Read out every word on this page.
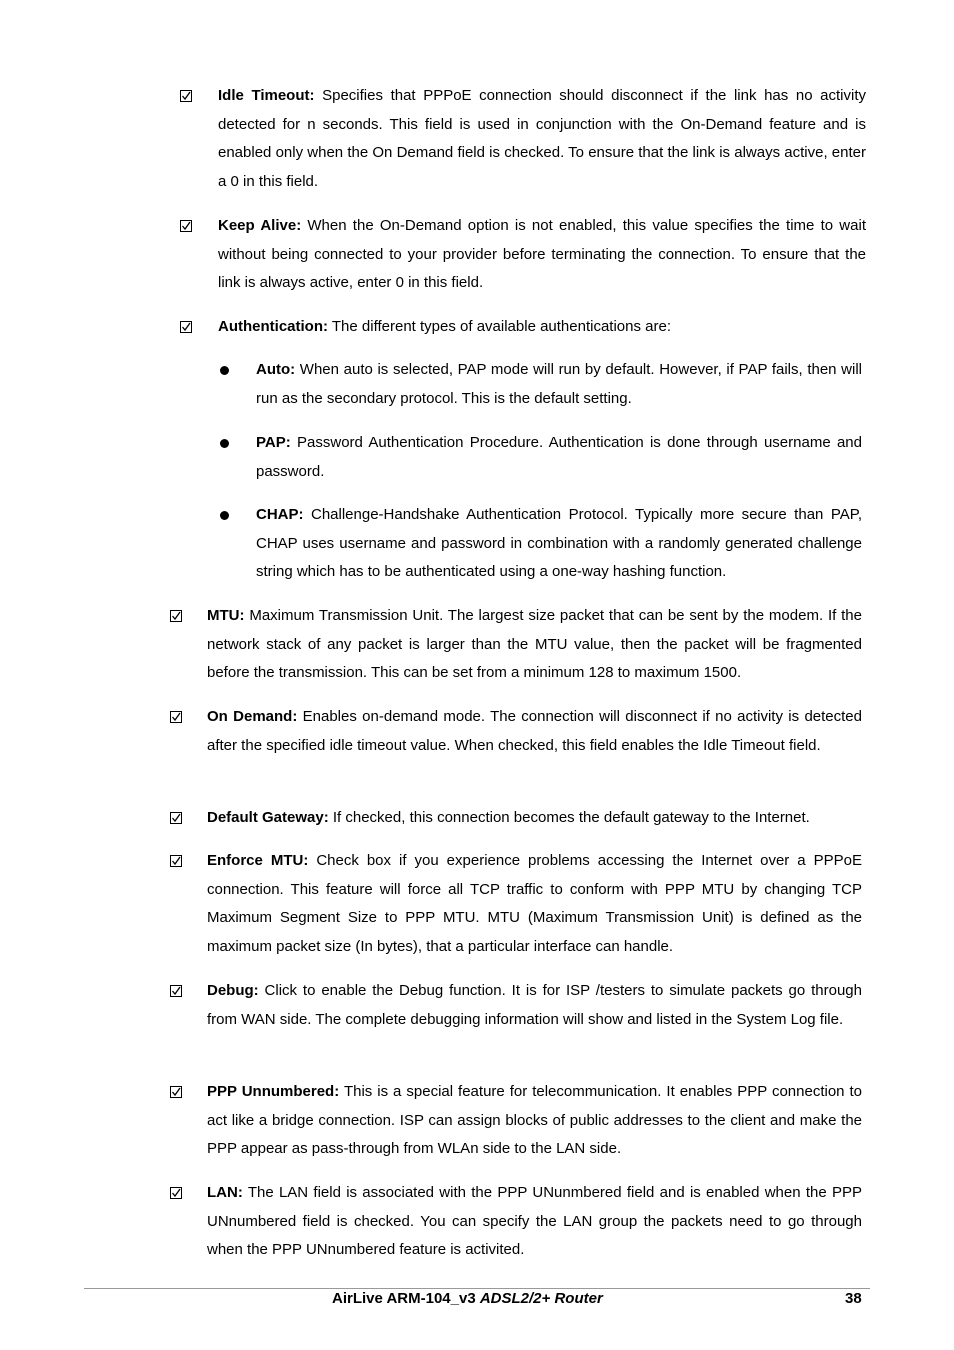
Idle Timeout: Specifies that PPPoE connection should disconnect if the link has no activity detected for n seconds. This field is used in conjunction with the On-Demand feature and is enabled only when the On Demand field is checked. To ensure that the link is always active, enter a 0 in this field.
Keep Alive: When the On-Demand option is not enabled, this value specifies the time to wait without being connected to your provider before terminating the connection. To ensure that the link is always active, enter 0 in this field.
Authentication: The different types of available authentications are:
Auto: When auto is selected, PAP mode will run by default. However, if PAP fails, then will run as the secondary protocol. This is the default setting.
PAP: Password Authentication Procedure. Authentication is done through username and password.
CHAP: Challenge-Handshake Authentication Protocol. Typically more secure than PAP, CHAP uses username and password in combination with a randomly generated challenge string which has to be authenticated using a one-way hashing function.
MTU: Maximum Transmission Unit. The largest size packet that can be sent by the modem. If the network stack of any packet is larger than the MTU value, then the packet will be fragmented before the transmission. This can be set from a minimum 128 to maximum 1500.
On Demand: Enables on-demand mode. The connection will disconnect if no activity is detected after the specified idle timeout value. When checked, this field enables the Idle Timeout field.
Default Gateway: If checked, this connection becomes the default gateway to the Internet.
Enforce MTU: Check box if you experience problems accessing the Internet over a PPPoE connection. This feature will force all TCP traffic to conform with PPP MTU by changing TCP Maximum Segment Size to PPP MTU. MTU (Maximum Transmission Unit) is defined as the maximum packet size (In bytes), that a particular interface can handle.
Debug: Click to enable the Debug function. It is for ISP /testers to simulate packets go through from WAN side. The complete debugging information will show and listed in the System Log file.
PPP Unnumbered: This is a special feature for telecommunication. It enables PPP connection to act like a bridge connection. ISP can assign blocks of public addresses to the client and make the PPP appear as pass-through from WLAn side to the LAN side.
LAN: The LAN field is associated with the PPP UNunmbered field and is enabled when the PPP UNnumbered field is checked. You can specify the LAN group the packets need to go through when the PPP UNnumbered feature is activited.
AirLive ARM-104_v3 ADSL2/2+ Router	38
